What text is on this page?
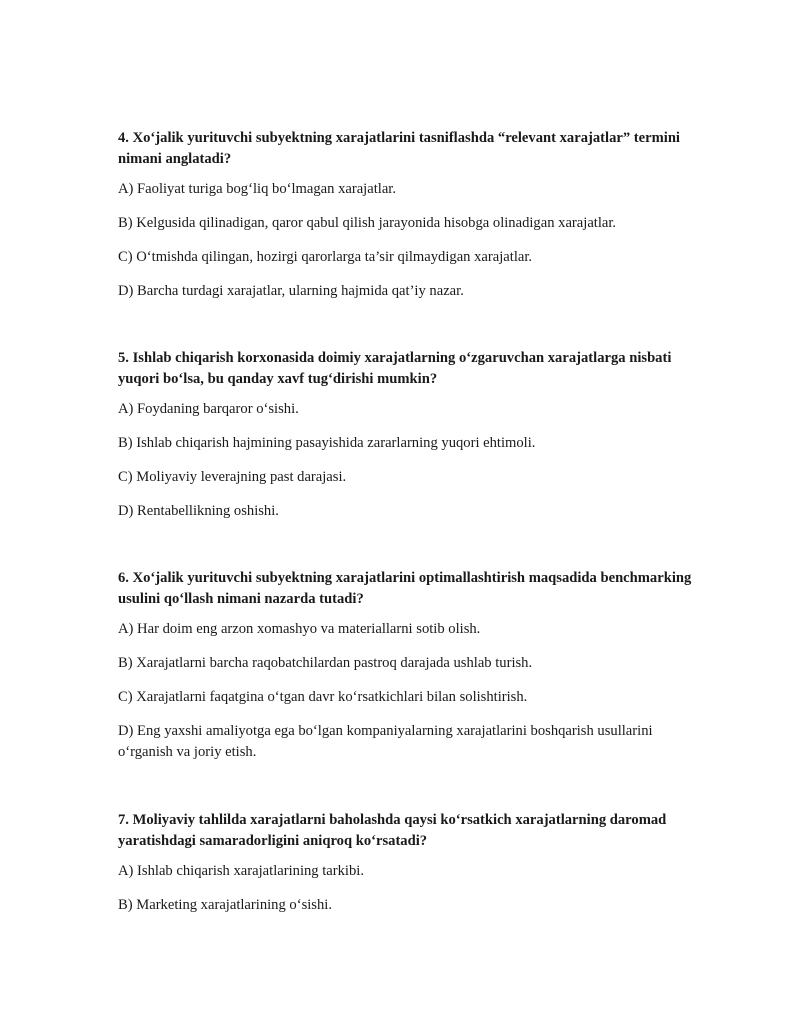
4. Xo‘jalik yurituvchi subyektning xarajatlarini tasniflashda “relevant xarajatlar” termini nimani anglatadi?

A) Faoliyat turiga bog‘liq bo‘lmagan xarajatlar.

B) Kelgusida qilinadigan, qaror qabul qilish jarayonida hisobga olinadigan xarajatlar.

C) O‘tmishda qilingan, hozirgi qarorlarga ta’sir qilmaydigan xarajatlar.

D) Barcha turdagi xarajatlar, ularning hajmida qat’iy nazar.

5. Ishlab chiqarish korxonasida doimiy xarajatlarning o‘zgaruvchan xarajatlarga nisbati yuqori bo‘lsa, bu qanday xavf tug‘dirishi mumkin?

A) Foydaning barqaror o‘sishi.

B) Ishlab chiqarish hajmining pasayishida zararlarning yuqori ehtimoli.

C) Moliyaviy leverajning past darajasi.

D) Rentabellikning oshishi.

6. Xo‘jalik yurituvchi subyektning xarajatlarini optimallashtirish maqsadida benchmarking usulini qo‘llash nimani nazarda tutadi?

A) Har doim eng arzon xomashyo va materiallarni sotib olish.

B) Xarajatlarni barcha raqobatchilardan pastroq darajada ushlab turish.

C) Xarajatlarni faqatgina o‘tgan davr ko‘rsatkichlari bilan solishtirish.

D) Eng yaxshi amaliyotga ega bo‘lgan kompaniyalarning xarajatlarini boshqarish usullarini o‘rganish va joriy etish.

7. Moliyaviy tahlilda xarajatlarni baholashda qaysi ko‘rsatkich xarajatlarning daromad yaratishdagi samaradorligini aniqroq ko‘rsatadi?

A) Ishlab chiqarish xarajatlarining tarkibi.

B) Marketing xarajatlarining o‘sishi.
